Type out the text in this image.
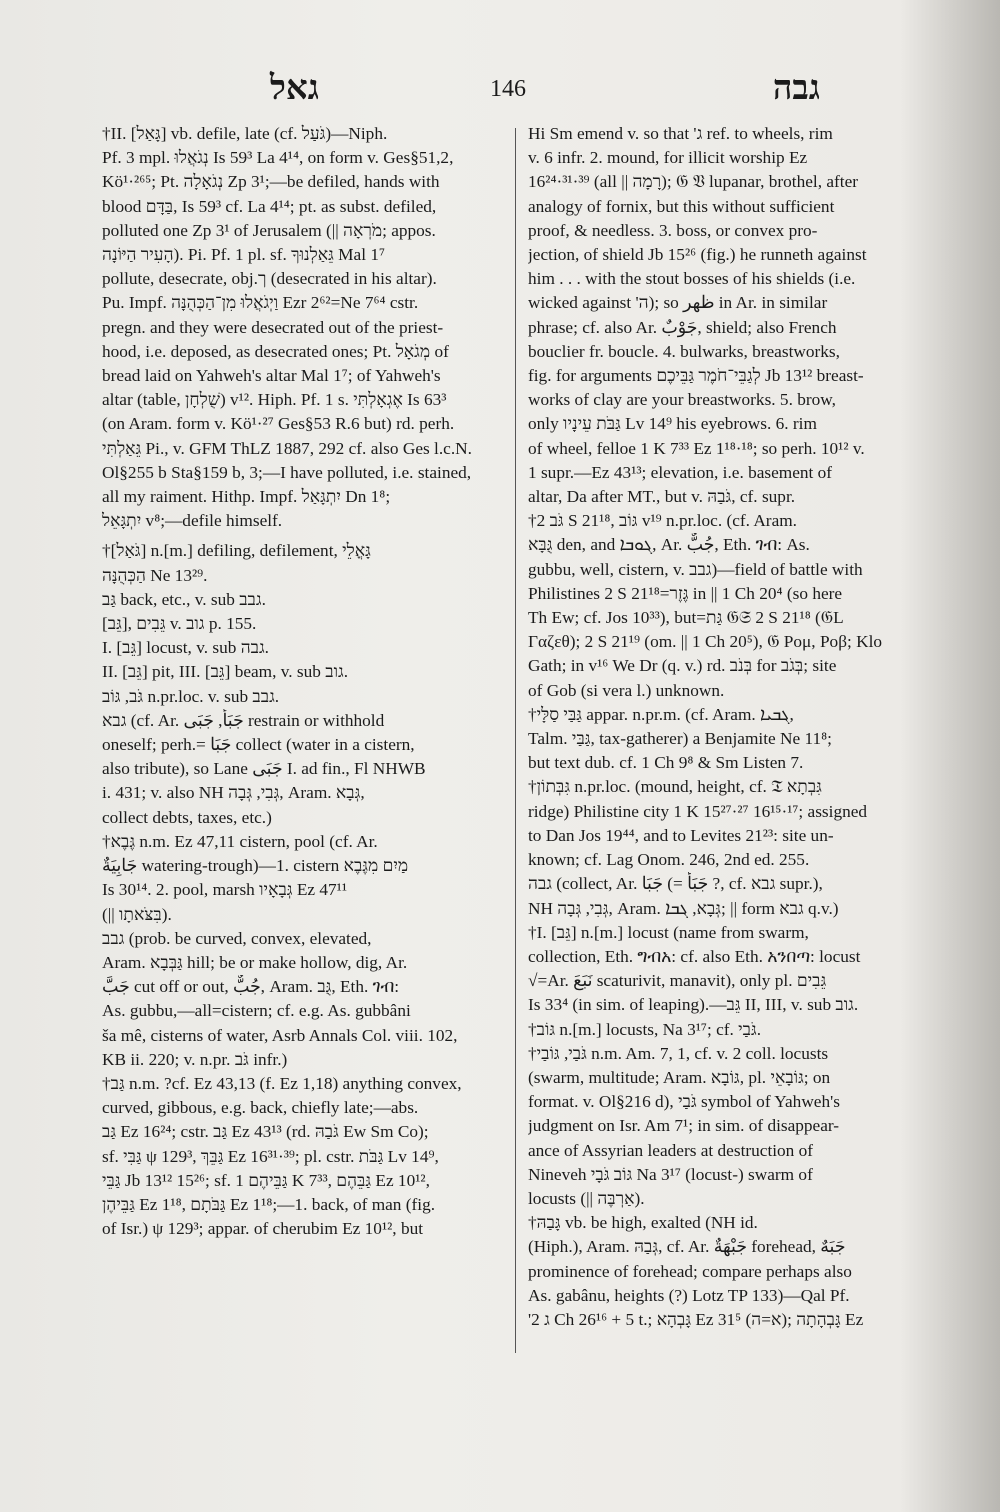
גאל	146	גבה
†II. [גָּאַל] vb. defile, late (cf. גֹּעַל)—Niph.
Pf. 3 mpl. נְגֹאֲלוּ Is 59³ La 4¹⁴, on form v. Ges§51,2,
Kö¹·²⁶⁵; Pt. נְגֹאָלָה Zp 3¹;—be defiled, hands with
blood בַּדָּם, Is 59³ cf. La 4¹⁴; pt. as subst. defiled,
polluted one Zp 3¹ of Jerusalem (|| מֹרְאָה; appos.
הָעִיר הַיּוֹנָה). Pi. Pf. 1 pl. sf. גֵּאַלְנוּךָ Mal 1⁷
pollute, desecrate, obj.ך (desecrated in his altar).
Pu. Impf. וַיְגֹאֲלוּ מִן־הַכְּהֻנָּה Ezr 2⁶²=Ne 7⁶⁴ cstr.
pregn. and they were desecrated out of the priest-
hood, i.e. deposed, as desecrated ones; Pt. מְגֹאָל of
bread laid on Yahweh's altar Mal 1⁷; of Yahweh's
altar (table, שֻׁלְחָן) v¹². Hiph. Pf. 1 s. אֶגְאָלְתִּי Is 63³
(on Aram. form v. Kö¹·²⁷ Ges§53 R.6 but) rd. perh.
גֵּאַלְתִּי Pi., v. GFM ThLZ 1887, 292 cf. also Ges l.c.N.
Ol§255 b Sta§159 b, 3;—I have polluted, i.e. stained,
all my raiment. Hithp. Impf. יִתְגָּאַל Dn 1⁸;
יִתְגָּאֵל v⁸;—defile himself.
†[גֹּאַל] n.[m.] defiling, defilement, גָּאֳלֵי
הַכְּהֻנָּה Ne 13²⁹.
גַּב back, etc., v. sub גבב.
[גֵּב], גֵּבִים v. גוב p. 155.
I. [גֵּב] locust, v. sub גבה.
II. [גֵּב] pit, III. [גֵּב] beam, v. sub גוב.
גֹּב, גּוֹב n.pr.loc. v. sub גבב.
גבא (cf. Ar. جَبَأَ, جَبَى restrain or withhold
oneself; perh.= جَبَا collect (water in a cistern,
also tribute), so Lane جَبَى I. ad fin., Fl NHWB
i. 431; v. also NH גְּבִי, גְּבָה, Aram. גְּבָא,
collect debts, taxes, etc.)
†גֶּבֶא n.m. Ez 47,11 cistern, pool (cf. Ar.
جَابِيَةٌ watering-trough)—1. cistern מַיִם מִגֶּבֶא
Is 30¹⁴. 2. pool, marsh גְּבָאָיו Ez 47¹¹
(|| בִּצֹּאתָו).
גבב (prob. be curved, convex, elevated,
Aram. גַּבְּבָא hill; be or make hollow, dig, Ar.
جَبَّ cut off or out, جُبٌّ, Aram. גֻּב, Eth. ገብ:
As. gubbu,—all=cistern; cf. e.g. As. gubbâni
ša mê, cisterns of water, Asrb Annals Col. viii. 102,
KB ii. 220; v. n.pr. גֹּב infr.)
†גַּב n.m. ?cf. Ez 43,13 (f. Ez 1,18) anything convex,
curved, gibbous, e.g. back, chiefly late;—abs.
גַּב Ez 16²⁴; cstr. גַּב Ez 43¹³ (rd. גֹּבַהּ Ew Sm Co);
sf. גַּבִּי ψ 129³, גַּבֵּךְ Ez 16³¹·³⁹; pl. cstr. גַּבֹּת Lv 14⁹,
גַּבֵּי Jb 13¹² 15²⁶; sf. גַּבֵּיהֶם 1 K 7³³, גַּבֵּהֶם Ez 10¹²,
גַּבֵּיהֶן Ez 1¹⁸, גַּבֹּתָם Ez 1¹⁸;—1. back, of man (fig.
of Isr.) ψ 129³; appar. of cherubim Ez 10¹², but
Hi Sm emend v. so that 'ג ref. to wheels, rim
v. 6 infr. 2. mound, for illicit worship Ez
16²⁴·³¹·³⁹ (all || רָמָה); 𝔊 𝔙 lupanar, brothel, after
analogy of fornix, but this without sufficient
proof, & needless. 3. boss, or convex pro-
jection, of shield Jb 15²⁶ (fig.) he runneth against
him . . . with the stout bosses of his shields (i.e.
wicked against 'ה); so ظهر in Ar. in similar
phrase; cf. also Ar. جَوْبٌ, shield; also French
bouclier fr. boucle. 4. bulwarks, breastworks,
fig. for arguments לְגַבֵּי־חֹמֶר גַּבֵּיכֶם Jb 13¹² breast-
works of clay are your breastworks. 5. brow,
only גַּבֹּת עֵינָיו Lv 14⁹ his eyebrows. 6. rim
of wheel, felloe 1 K 7³³ Ez 1¹⁸·¹⁸; so perh. 10¹² v.
1 supr.—Ez 43¹³; elevation, i.e. basement of
altar, Da after MT., but v. גֹּבַהּ, cf. supr.
†גֹּב 2 S 21¹⁸, גּוֹב v¹⁹ n.pr.loc. (cf. Aram.
גֻּבָּא den, and ܓܘܒܐ, Ar. جُبٌّ, Eth. ገብ: As.
gubbu, well, cistern, v. גבב)—field of battle with
Philistines 2 S 21¹⁸=גֶּזֶר in || 1 Ch 20⁴ (so here
Th Ew; cf. Jos 10³³), but=גַּת 𝔊𝔖 2 S 21¹⁸ (𝔊L
Γαζεθ); 2 S 21¹⁹ (om. || 1 Ch 20⁵), 𝔊 Ρομ, Ροβ; Klo
Gath; in v¹⁶ We Dr (q. v.) rd. בְּנֹב for בְּגֹב; site
of Gob (si vera l.) unknown.
†גַּבַּי סַלָּי appar. n.pr.m. (cf. Aram. ܓܒܝܐ,
Talm. גַּבַּי, tax-gatherer) a Benjamite Ne 11⁸;
but text dub. cf. 1 Ch 9⁸ & Sm Listen 7.
†גִּבְּתוֹן n.pr.loc. (mound, height, cf. 𝔗 גִּבְתָא
ridge) Philistine city 1 K 15²⁷·²⁷ 16¹⁵·¹⁷; assigned
to Dan Jos 19⁴⁴, and to Levites 21²³: site un-
known; cf. Lag Onom. 246, 2nd ed. 255.
גבה (collect, Ar. جَبَا (= جَبَأَ ?, cf. גבא supr.),
NH גְּבִי, גְּבָה, Aram. גְּבָא, ܓܒܐ; || form גבא q.v.)
†I. [גֵּב] n.[m.] locust (name from swarm,
collection, Eth. ግብአ: cf. also Eth. አንበጣ: locust
√=Ar. نَبَعَ scaturivit, manavit), only pl. גֵּבִים
Is 33⁴ (in sim. of leaping).—גֵּב II, III, v. sub גוב.
†גּוֹב n.[m.] locusts, Na 3¹⁷; cf. גֹּבַי.
†גֹּבַי, גּוֹבַי n.m. Am. 7, 1, cf. v. 2 coll. locusts
(swarm, multitude; Aram. גּוֹבָא, pl. גּוֹבָאֵי; on
format. v. Ol§216 d), גֹּבַי symbol of Yahweh's
judgment on Isr. Am 7¹; in sim. of disappear-
ance of Assyrian leaders at destruction of
Nineveh גּוֹב גֹּבָי Na 3¹⁷ (locust-) swarm of
locusts (|| אַרְבֶּה).
†גָּבַהּ vb. be high, exalted (NH id.
(Hiph.), Aram. גְּבַהּ, cf. Ar. جَبْهَةٌ forehead, جَبَهٌ
prominence of forehead; compare perhaps also
As. gabânu, heights (?) Lotz TP 133)—Qal Pf.
'ג 2 Ch 26¹⁶ + 5 t.; גָּבְהָא Ez 31⁵ (א=ה); גָּבְהָתָה Ez
